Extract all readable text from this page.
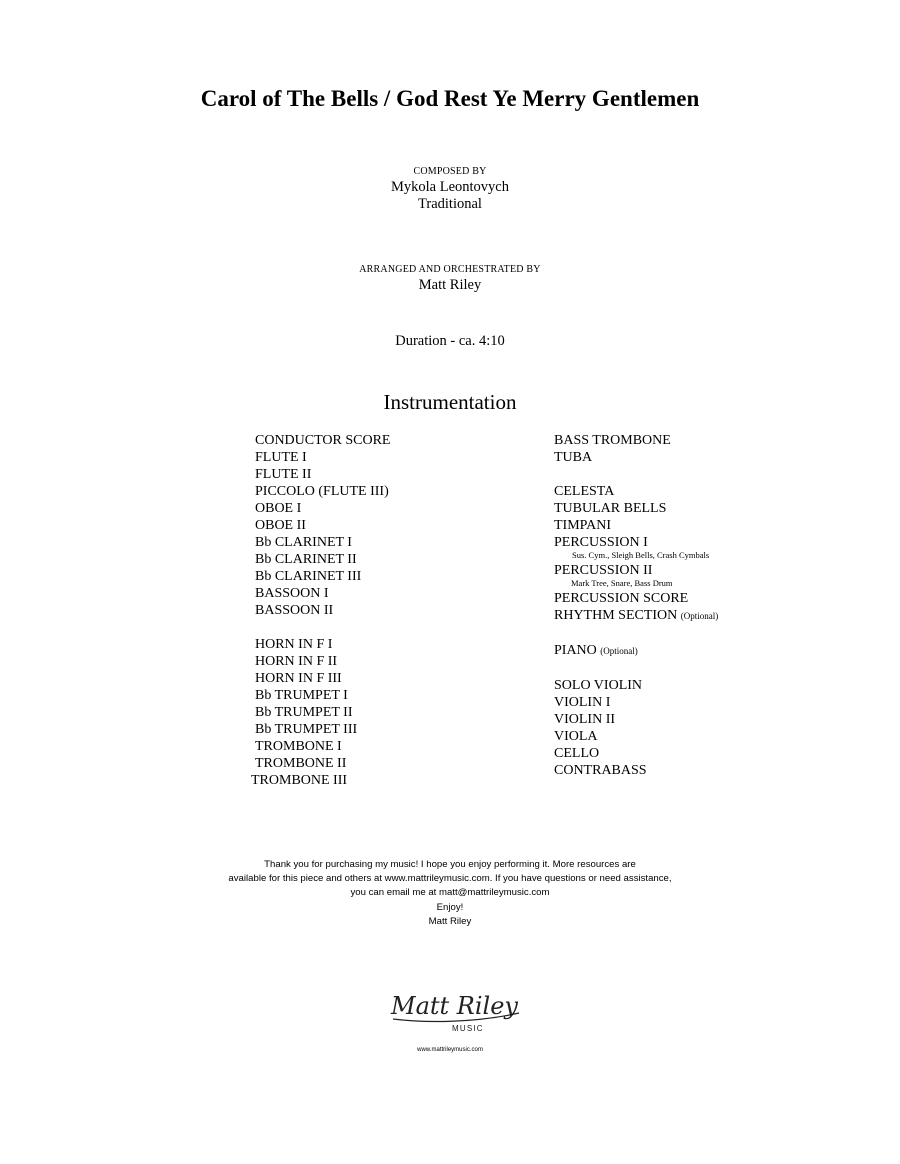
Carol of The Bells / God Rest Ye Merry Gentlemen
COMPOSED BY
Mykola Leontovych
Traditional
ARRANGED AND ORCHESTRATED BY
Matt Riley
Duration - ca. 4:10
Instrumentation
CONDUCTOR SCORE
FLUTE I
FLUTE II
PICCOLO (FLUTE III)
OBOE I
OBOE II
Bb CLARINET I
Bb CLARINET II
Bb CLARINET III
BASSOON I
BASSOON II
HORN IN F I
HORN IN F II
HORN IN F III
Bb TRUMPET I
Bb TRUMPET II
Bb TRUMPET III
TROMBONE I
TROMBONE II
TROMBONE III
BASS TROMBONE
TUBA
CELESTA
TUBULAR BELLS
TIMPANI
PERCUSSION I
Sus. Cym., Sleigh Bells, Crash Cymbals
PERCUSSION II
Mark Tree, Snare, Bass Drum
PERCUSSION SCORE
RHYTHM SECTION (Optional)
PIANO (Optional)
SOLO VIOLIN
VIOLIN I
VIOLIN II
VIOLA
CELLO
CONTRABASS
Thank you for purchasing my music! I hope you enjoy performing it. More resources are
available for this piece and others at www.mattrileymusic.com. If you have questions or need assistance,
you can email me at matt@mattrileymusic.com
Enjoy!
Matt Riley
Matt Riley
MUSIC
www.mattrileymusic.com
